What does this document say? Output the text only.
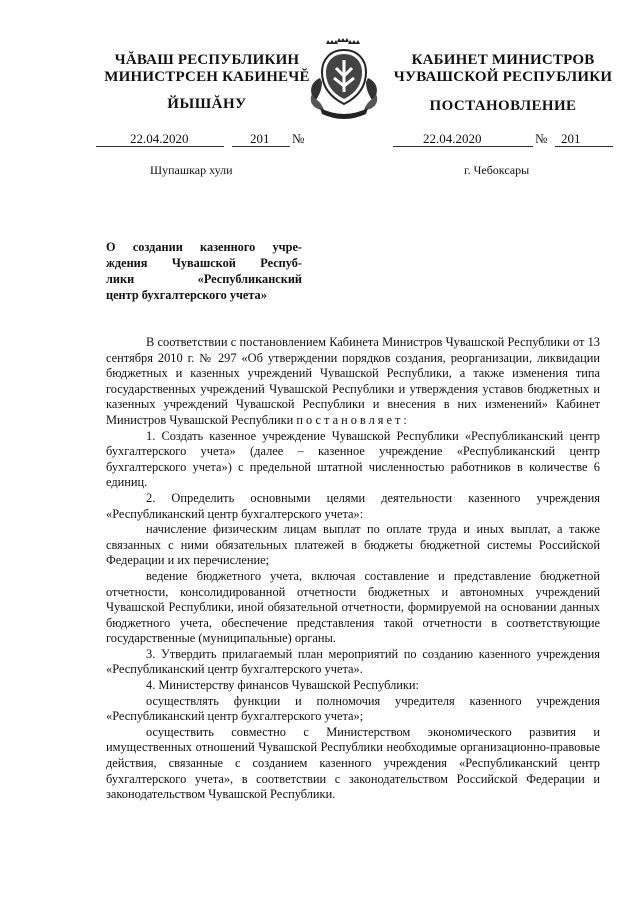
ЧĂВАШ РЕСПУБЛИКИН
МИНИСТРСЕН КАБИНЕЧĔ
ЙЫШĂНУ
КАБИНЕТ МИНИСТРОВ
ЧУВАШСКОЙ РЕСПУБЛИКИ
ПОСТАНОВЛЕНИЕ
22.04.2020	201 №	22.04.2020	№ 201
Шупашкар хули	г. Чебоксары
О создании казенного учре-
ждения Чувашской Респуб-
лики «Республиканский
центр бухгалтерского учета»

В соответствии с постановлением Кабинета Министров Чувашской Республики от 13 сентября 2010 г. № 297 «Об утверждении порядков создания, реорганизации, ликвидации бюджетных и казенных учреждений Чувашской Республики, а также изменения типа государственных учреждений Чувашской Республики и утверждения уставов бюджетных и казенных учреждений Чувашской Республики и внесения в них изменений» Кабинет Министров Чувашской Республики постановляет:

1. Создать казенное учреждение Чувашской Республики «Республиканский центр бухгалтерского учета» (далее – казенное учреждение «Республиканский центр бухгалтерского учета») с предельной штатной численностью работников в количестве 6 единиц.

2. Определить основными целями деятельности казенного учреждения «Республиканский центр бухгалтерского учета»:

начисление физическим лицам выплат по оплате труда и иных выплат, а также связанных с ними обязательных платежей в бюджеты бюджетной системы Российской Федерации и их перечисление;

ведение бюджетного учета, включая составление и представление бюджетной отчетности, консолидированной отчетности бюджетных и автономных учреждений Чувашской Республики, иной обязательной отчетности, формируемой на основании данных бюджетного учета, обеспечение представления такой отчетности в соответствующие государственные (муниципальные) органы.

3. Утвердить прилагаемый план мероприятий по созданию казенного учреждения «Республиканский центр бухгалтерского учета».

4. Министерству финансов Чувашской Республики:

осуществлять функции и полномочия учредителя казенного учреждения «Республиканский центр бухгалтерского учета»;

осуществить совместно с Министерством экономического развития и имущественных отношений Чувашской Республики необходимые организационно-правовые действия, связанные с созданием казенного учреждения «Республиканский центр бухгалтерского учета», в соответствии с законодательством Российской Федерации и законодательством Чувашской Республики.
